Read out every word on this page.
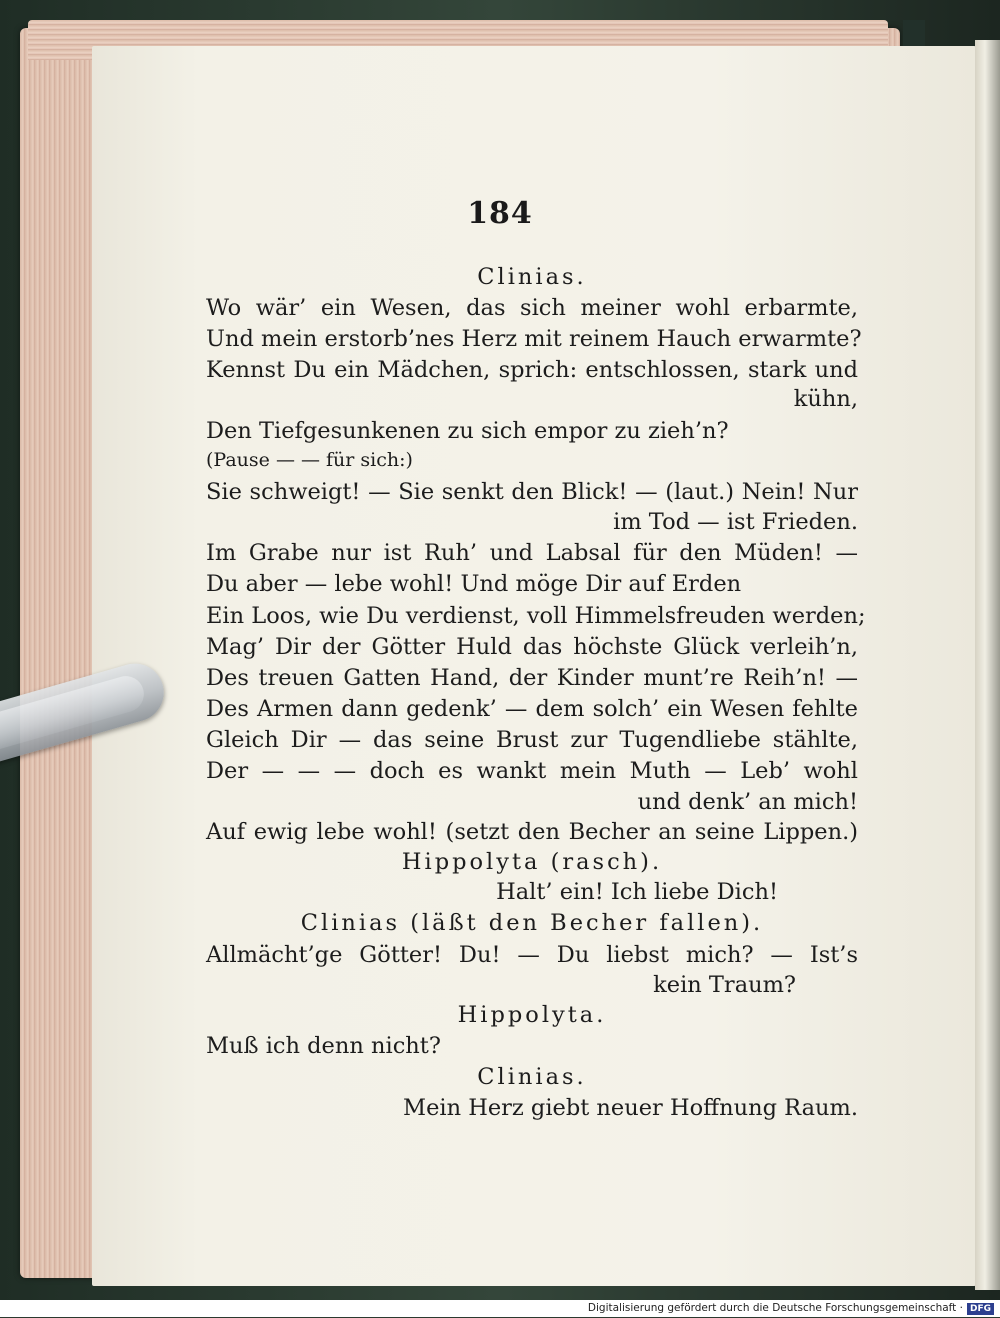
184
Clinias.
Wo wär’ ein Wesen, das sich meiner wohl erbarmte,
Und mein erstorb’nes Herz mit reinem Hauch erwarmte?
Kennst Du ein Mädchen, sprich: entschlossen, stark und
kühn,
Den Tiefgesunkenen zu sich empor zu zieh’n?
(Pause — — für sich:)
Sie schweigt! — Sie senkt den Blick! — (laut.) Nein! Nur
im Tod — ist Frieden.
Im Grabe nur ist Ruh’ und Labsal für den Müden! —
Du aber — lebe wohl! Und möge Dir auf Erden
Ein Loos, wie Du verdienst, voll Himmelsfreuden werden;
Mag’ Dir der Götter Huld das höchste Glück verleih’n,
Des treuen Gatten Hand, der Kinder munt’re Reih’n! —
Des Armen dann gedenk’ — dem solch’ ein Wesen fehlte
Gleich Dir — das seine Brust zur Tugendliebe stählte,
Der — — — doch es wankt mein Muth — Leb’ wohl
und denk’ an mich!
Auf ewig lebe wohl! (setzt den Becher an seine Lippen.)
Hippolyta (rasch).
Halt’ ein! Ich liebe Dich!
Clinias (läßt den Becher fallen).
Allmächt’ge Götter! Du! — Du liebst mich? — Ist’s
kein Traum?
Hippolyta.
Muß ich denn nicht?
Clinias.
Mein Herz giebt neuer Hoffnung Raum.
Digitalisierung gefördert durch die Deutsche Forschungsgemeinschaft · DFG
